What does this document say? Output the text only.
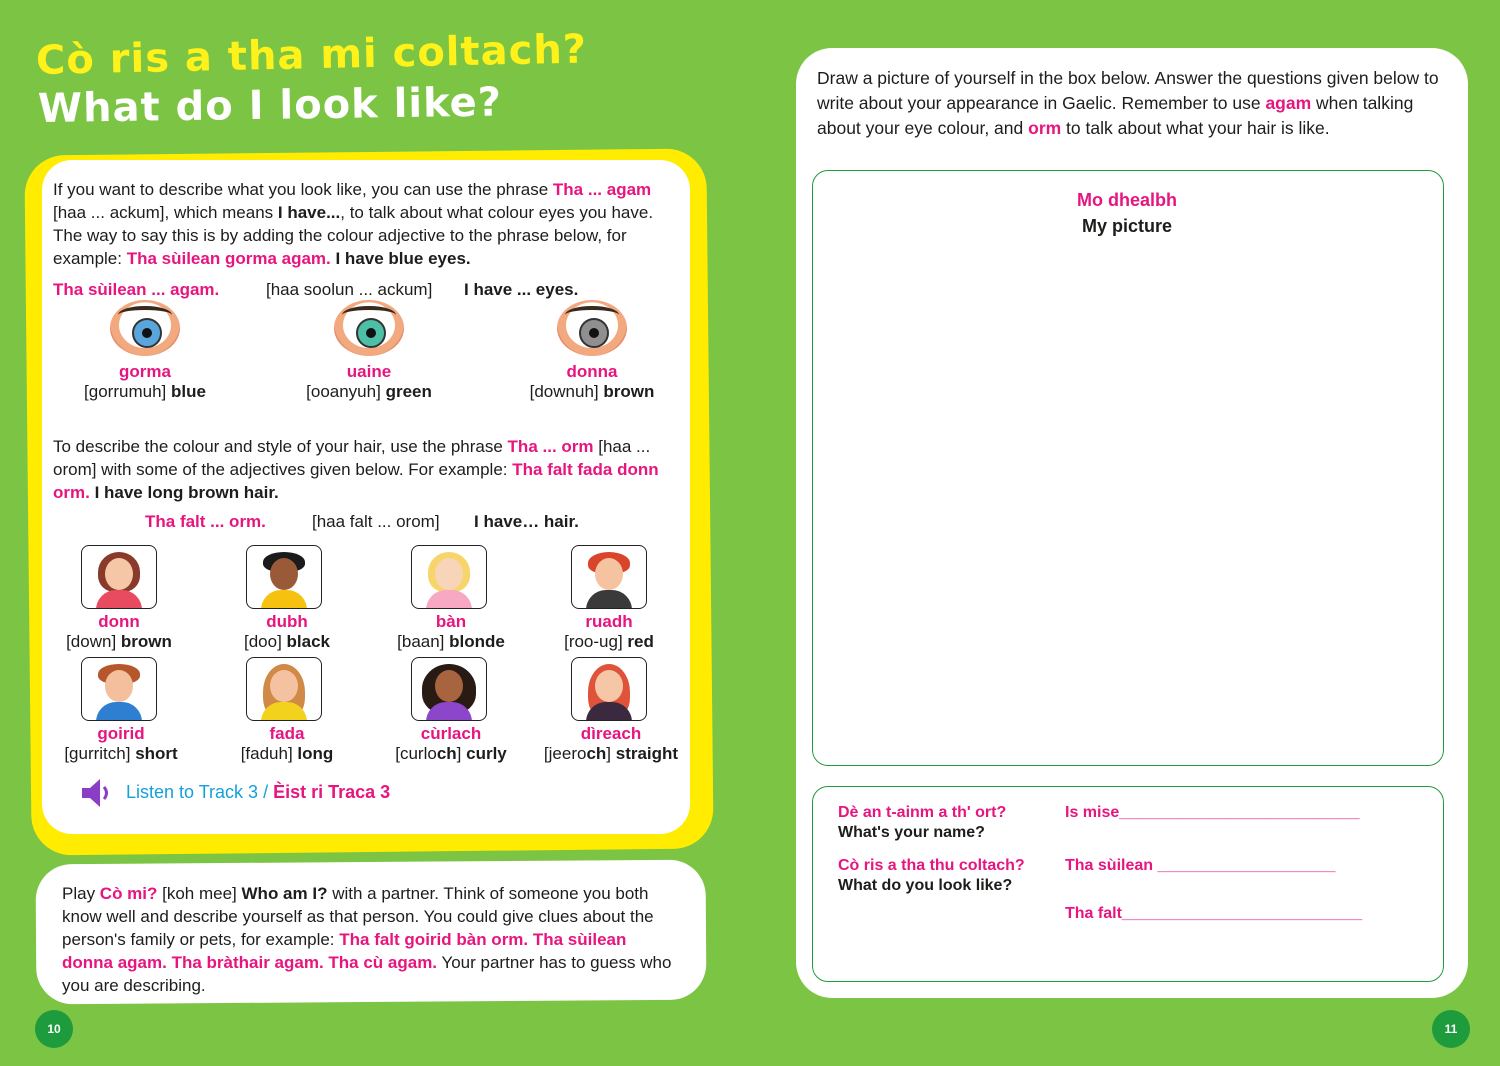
Cò ris a tha mi coltach?
What do I look like?

If you want to describe what you look like, you can use the phrase Tha ... agam [haa ... ackum], which means I have..., to talk about what colour eyes you have. The way to say this is by adding the colour adjective to the phrase below, for example: Tha sùilean gorma agam. I have blue eyes.

Tha sùilean ... agam.	[haa soolun ... ackum] I have ... eyes.

gorma
[gorrumuh] blue
uaine
[ooanyuh] green
donna
[downuh] brown

To describe the colour and style of your hair, use the phrase Tha ... orm [haa ... orom] with some of the adjectives given below. For example: Tha falt fada donn orm. I have long brown hair.

Tha falt ... orm.	[haa falt ... orom] I have… hair.

donn
[down] brown
dubh
[doo] black
bàn
[baan] blonde
ruadh
[roo-ug] red
goirid
[gurritch] short
fada
[faduh] long
cùrlach
[curloch] curly
dìreach
[jeeroch] straight

Listen to Track 3 / Èist ri Traca 3

Play Cò mi? [koh mee] Who am I? with a partner. Think of someone you both know well and describe yourself as that person. You could give clues about the person's family or pets, for example: Tha falt goirid bàn orm. Tha sùilean donna agam. Tha bràthair agam. Tha cù agam. Your partner has to guess who you are describing.

10	11

Draw a picture of yourself in the box below. Answer the questions given below to write about your appearance in Gaelic. Remember to use agam when talking about your eye colour, and orm to talk about what your hair is like.

Mo dhealbh
My picture
Dè an t-ainm a th' ort?
What's your name?

Is mise___________________________

Cò ris a tha thu coltach?
What do you look like?

Tha sùilean ____________________

Tha falt___________________________
